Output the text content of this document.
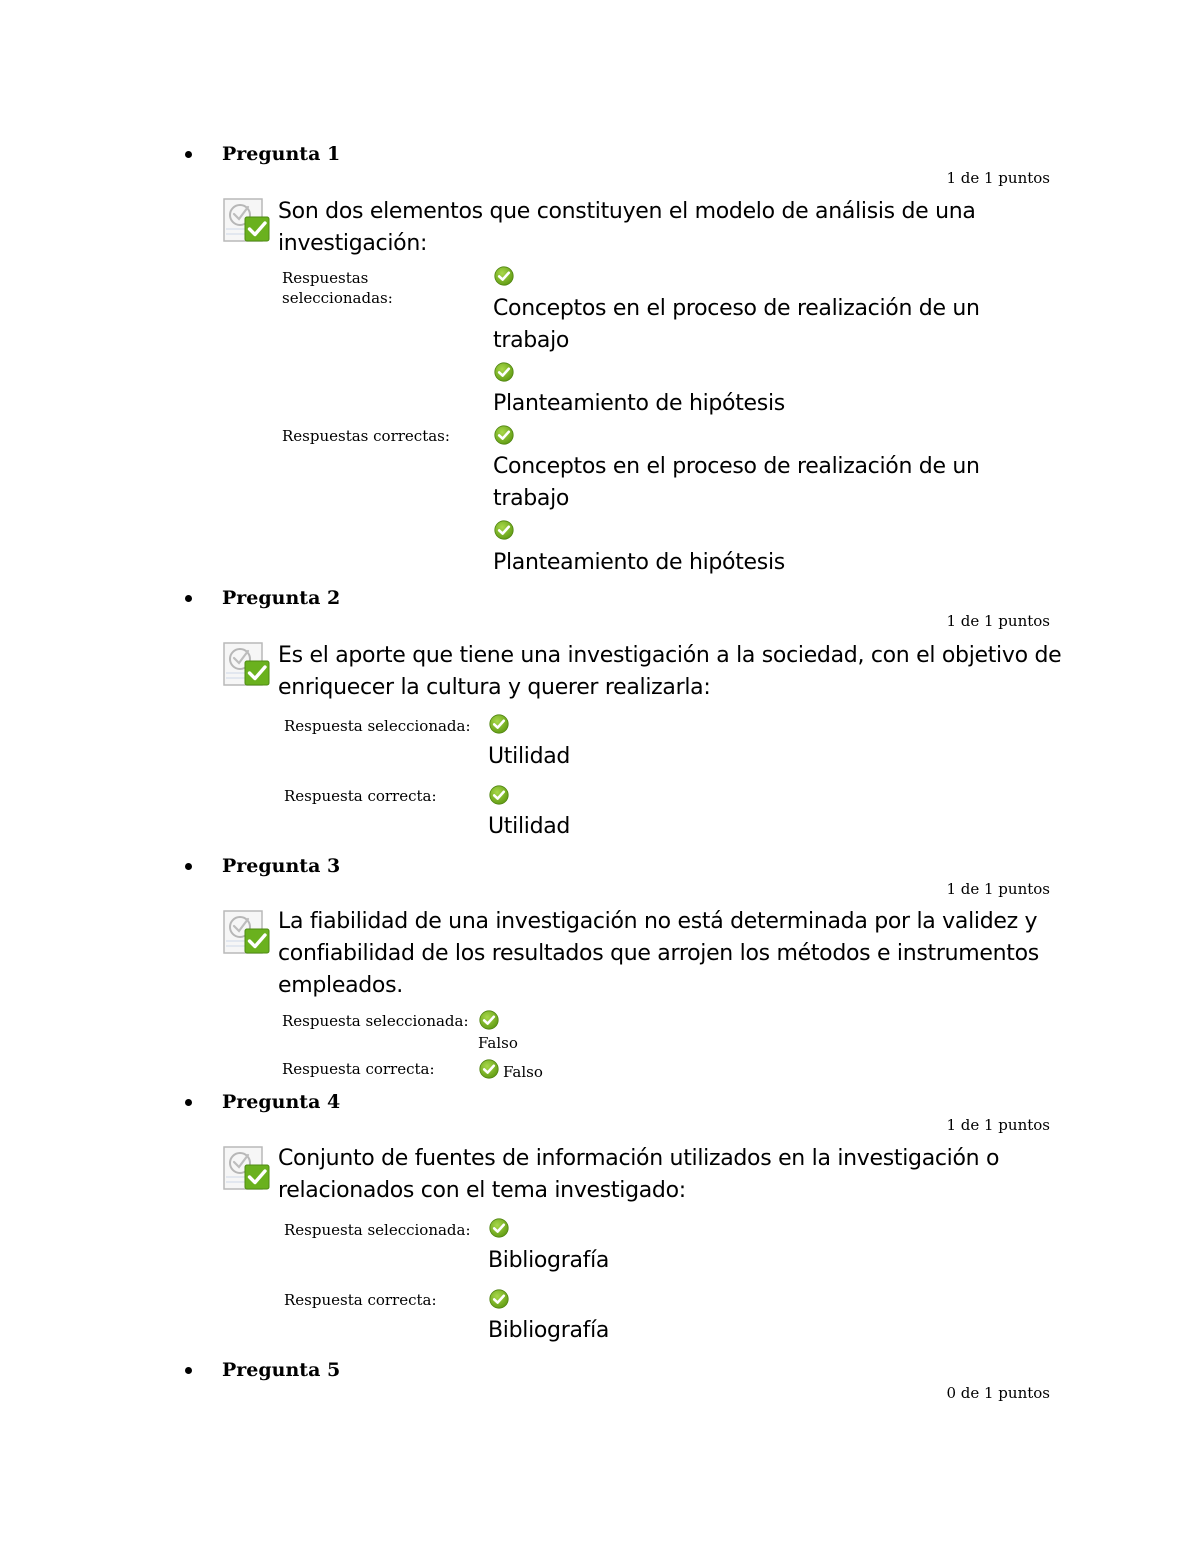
Pregunta 1
1 de 1 puntos
Son dos elementos que constituyen el modelo de análisis de una investigación:
Respuestas seleccionadas:	Conceptos en el proceso de realización de un trabajo
Planteamiento de hipótesis
Respuestas correctas:
Conceptos en el proceso de realización de un trabajo
Planteamiento de hipótesis
Pregunta 2
1 de 1 puntos
Es el aporte que tiene una investigación a la sociedad, con el objetivo de enriquecer la cultura y querer realizarla:
Respuesta seleccionada:
Utilidad
Respuesta correcta:
Utilidad
Pregunta 3
1 de 1 puntos
La fiabilidad de una investigación no está determinada por la validez y confiabilidad de los resultados que arrojen los métodos e instrumentos empleados.
Respuesta seleccionada:
Falso
Respuesta correcta:	Falso
Pregunta 4
1 de 1 puntos
Conjunto de fuentes de información utilizados en la investigación o relacionados con el tema investigado:
Respuesta seleccionada:
Bibliografía
Respuesta correcta:
Bibliografía
Pregunta 5
0 de 1 puntos
